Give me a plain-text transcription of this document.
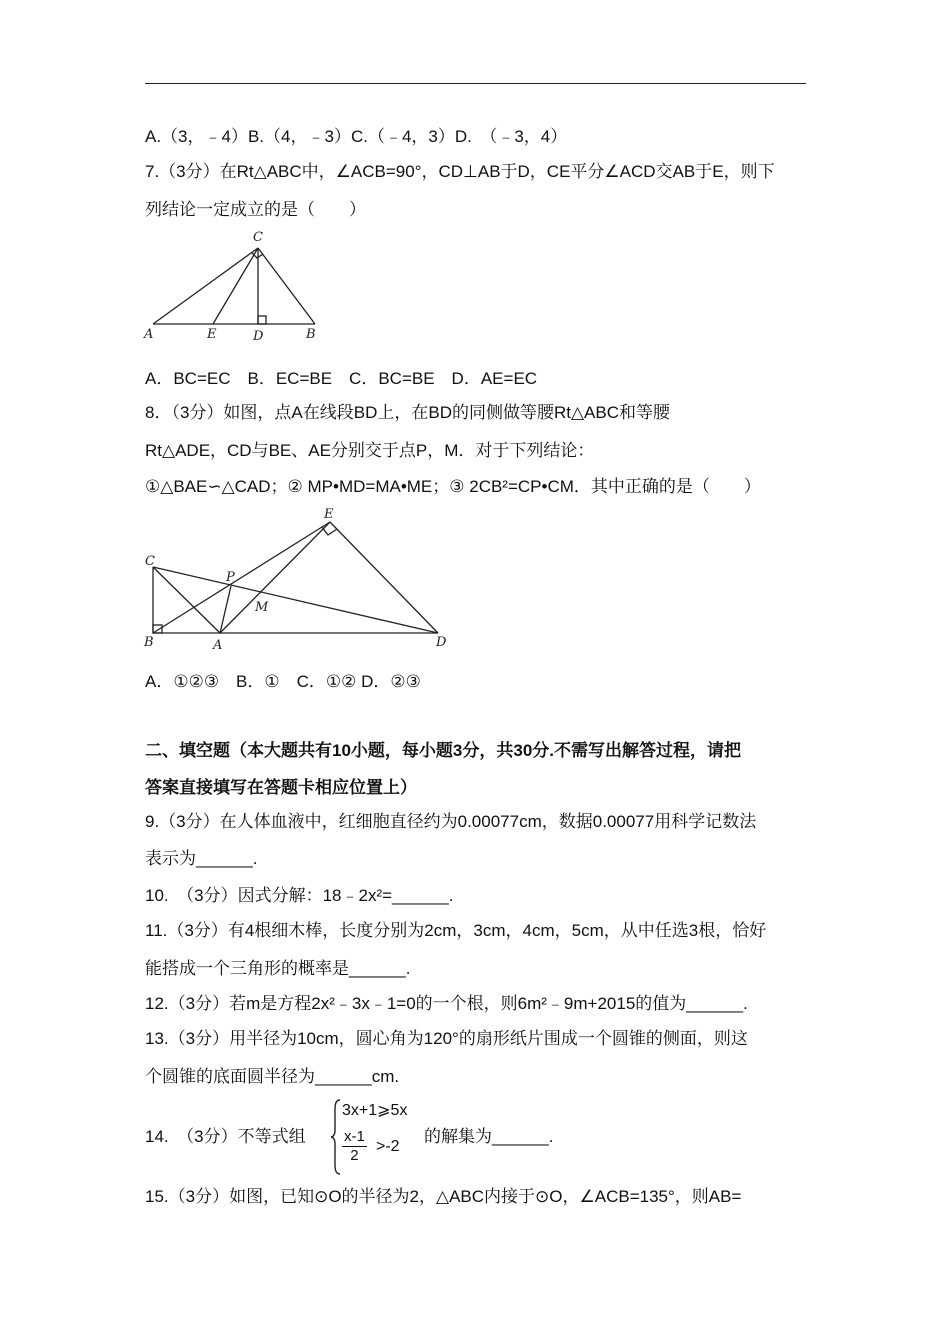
A.（3，﹣4）B.（4，﹣3）C.（﹣4，3）D.　（﹣3，4）
7.（3分）在Rt△ABC中，∠ACB=90°，CD⊥AB于D，CE平分∠ACD交AB于E，则下
列结论一定成立的是（　　）
C
A	E	D	B
A．BC=EC　B．EC=BE　C．BC=BE　D．AE=EC
8．（3分）如图，点A在线段BD上，在BD的同侧做等腰Rt△ABC和等腰
Rt△ADE，CD与BE、AE分别交于点P，M．对于下列结论：
①△BAE∽△CAD；② MP•MD=MA•ME；③ 2CB²=CP•CM．其中正确的是（　　）
E
C
P
M
B	A	D
A．①②③　B．①　C．①② D．②③
二、填空题（本大题共有10小题，每小题3分，共30分.不需写出解答过程，请把
答案直接填写在答题卡相应位置上）
9.（3分）在人体血液中，红细胞直径约为0.00077cm，数据0.00077用科学记数法
表示为______.
10.　（3分）因式分解：18﹣2x²=______.
11.（3分）有4根细木棒，长度分别为2cm，3cm，4cm，5cm，从中任选3根，恰好
能搭成一个三角形的概率是______.
12.（3分）若m是方程2x²﹣3x﹣1=0的一个根，则6m²﹣9m+2015的值为______.
13.（3分）用半径为10cm，圆心角为120°的扇形纸片围成一个圆锥的侧面，则这
个圆锥的底面圆半径为______cm.
14.　（3分）不等式组
3x+1⩾5x
$\frac{x-1}{2} >-2$
的解集为______.
15.（3分）如图，已知⊙O的半径为2，△ABC内接于⊙O，∠ACB=135°，则AB=
